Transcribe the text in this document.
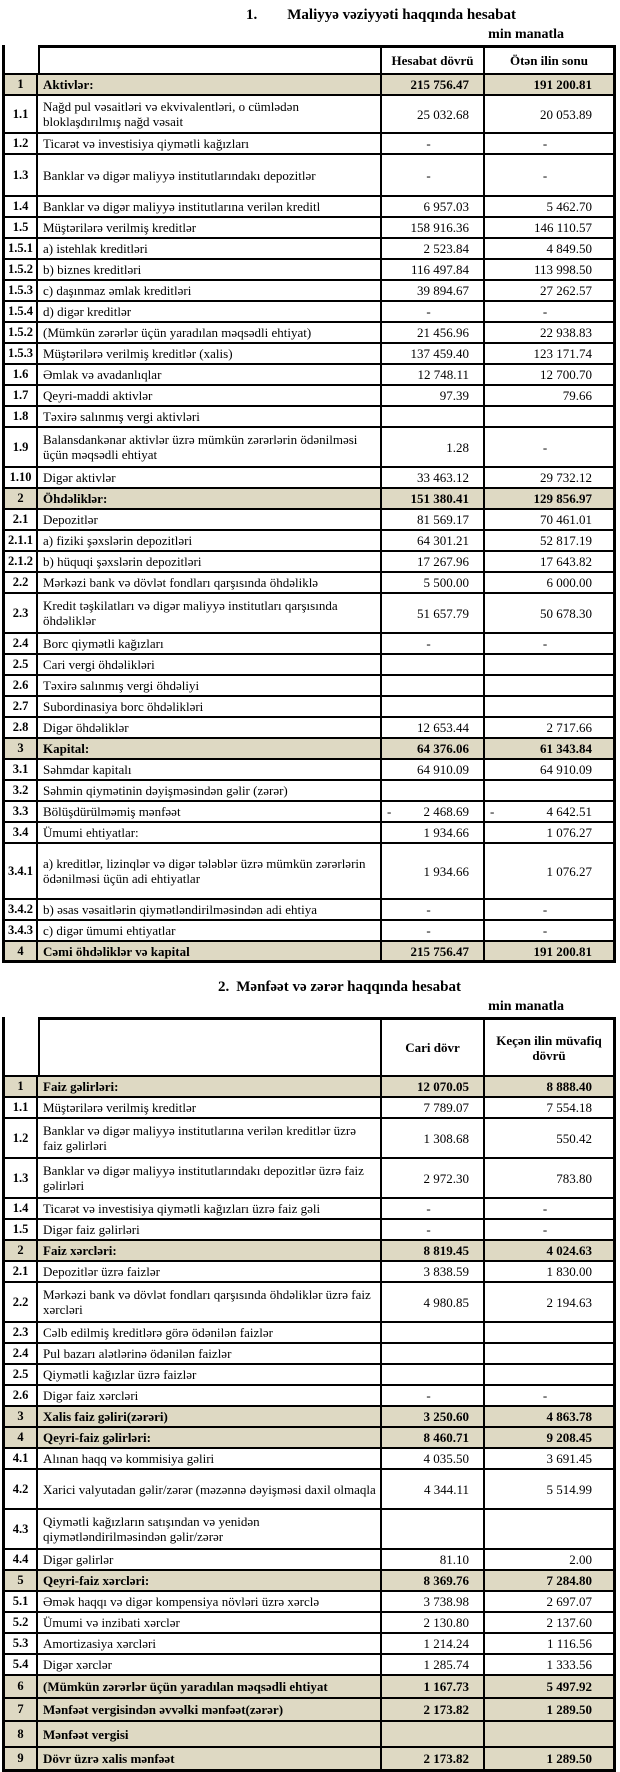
1. Maliyyə vəziyyəti haqqında hesabat
min manatla
Hesabat dövrü	Ötən ilin sonu
1	Aktivlər:	215 756.47	191 200.81
1.1	Nağd pul vəsaitləri və ekvivalentləri, o cümlədən bloklaşdırılmış nağd vəsait	25 032.68	20 053.89
1.2	Ticarət və investisiya qiymətli kağızları	-	-
1.3	Banklar və digər maliyyə institutlarındakı depozitlər	-	-
1.4	Banklar və digər maliyyə institutlarına verilən kreditl	6 957.03	5 462.70
1.5	Müştərilərə verilmiş kreditlər	158 916.36	146 110.57
1.5.1 a) istehlak kreditləri	2 523.84	4 849.50
1.5.2 b) biznes kreditləri	116 497.84	113 998.50
1.5.3 c) daşınmaz əmlak kreditləri	39 894.67	27 262.57
1.5.4 d) digər kreditlər	-	-
1.5.2 (Mümkün zərərlər üçün yaradılan məqsədli ehtiyat)	21 456.96	22 938.83
1.5.3 Müştərilərə verilmiş kreditlər (xalis)	137 459.40	123 171.74
1.6	Əmlak və avadanlıqlar	12 748.11	12 700.70
1.7	Qeyri-maddi aktivlər	97.39	79.66
1.8	Təxirə salınmış vergi aktivləri
1.9	Balansdankənar aktivlər üzrə mümkün zərərlərin ödənilməsi üçün məqsədli ehtiyat	1.28	-
1.10 Digər aktivlər	33 463.12	29 732.12
2	Öhdəliklər:	151 380.41	129 856.97
2.1	Depozitlər	81 569.17	70 461.01
2.1.1 a) fiziki şəxslərin depozitləri	64 301.21	52 817.19
2.1.2 b) hüquqi şəxslərin depozitləri	17 267.96	17 643.82
2.2	Mərkəzi bank və dövlət fondları qarşısında öhdəliklə	5 500.00	6 000.00
2.3	Kredit təşkilatları və digər maliyyə institutları qarşısında öhdəliklər	51 657.79	50 678.30
2.4	Borc qiymətli kağızları	-	-
2.5	Cari vergi öhdəlikləri
2.6	Təxirə salınmış vergi öhdəliyi
2.7	Subordinasiya borc öhdəlikləri
2.8	Digər öhdəliklər	12 653.44	2 717.66
3	Kapital:	64 376.06	61 343.84
3.1	Səhmdar kapitalı	64 910.09	64 910.09
3.2	Səhmin qiymətinin dəyişməsindən gəlir (zərər)
3.3	Bölüşdürülməmiş mənfəət	- 2 468.69 -	4 642.51
3.4	Ümumi ehtiyatlar:	1 934.66	1 076.27
3.4.1 a) kreditlər, lizinqlər və digər tələblər üzrə mümkün zərərlərin ödənilməsi üçün adi ehtiyatlar	1 934.66	1 076.27
3.4.2 b) əsas vəsaitlərin qiymətləndirilməsindən adi ehtiya	-	-
3.4.3 c) digər ümumi ehtiyatlar	-	-
4	Cəmi öhdəliklər və kapital	215 756.47	191 200.81
2. Mənfəət və zərər haqqında hesabat
min manatla
Cari dövr	Keçən ilin müvafiq dövrü
1	Faiz gəlirləri:	12 070.05	8 888.40
1.1	Müştərilərə verilmiş kreditlər	7 789.07	7 554.18
1.2	Banklar və digər maliyyə institutlarına verilən kreditlər üzrə faiz gəlirləri	1 308.68	550.42
1.3	Banklar və digər maliyyə institutlarındakı depozitlər üzrə faiz gəlirləri	2 972.30	783.80
1.4	Ticarət və investisiya qiymətli kağızları üzrə faiz gəli	-	-
1.5	Digər faiz gəlirləri	-	-
2	Faiz xərcləri:	8 819.45	4 024.63
2.1	Depozitlər üzrə faizlər	3 838.59	1 830.00
2.2	Mərkəzi bank və dövlət fondları qarşısında öhdəliklər üzrə faiz xərcləri	4 980.85	2 194.63
2.3	Cəlb edilmiş kreditlərə görə ödənilən faizlər
2.4	Pul bazarı alətlərinə ödənilən faizlər
2.5	Qiymətli kağızlar üzrə faizlər
2.6	Digər faiz xərcləri	-	-
3	Xalis faiz gəliri(zərəri)	3 250.60	4 863.78
4	Qeyri-faiz gəlirləri:	8 460.71	9 208.45
4.1	Alınan haqq və kommisiya gəliri	4 035.50	3 691.45
4.2	Xarici valyutadan gəlir/zərər (məzənnə dəyişməsi daxil olmaqla	4 344.11	5 514.99
4.3	Qiymətli kağızların satışından və yenidən qiymətləndirilməsindən gəlir/zərər
4.4	Digər gəlirlər	81.10	2.00
5	Qeyri-faiz xərcləri:	8 369.76	7 284.80
5.1	Əmək haqqı və digər kompensiya növləri üzrə xərclə	3 738.98	2 697.07
5.2	Ümumi və inzibati xərclər	2 130.80	2 137.60
5.3	Amortizasiya xərcləri	1 214.24	1 116.56
5.4	Digər xərclər	1 285.74	1 333.56
6	(Mümkün zərərlər üçün yaradılan məqsədli ehtiyat	1 167.73	5 497.92
7	Mənfəət vergisindən əvvəlki mənfəət(zərər)	2 173.82	1 289.50
8	Mənfəət vergisi
9	Dövr üzrə xalis mənfəət	2 173.82	1 289.50
